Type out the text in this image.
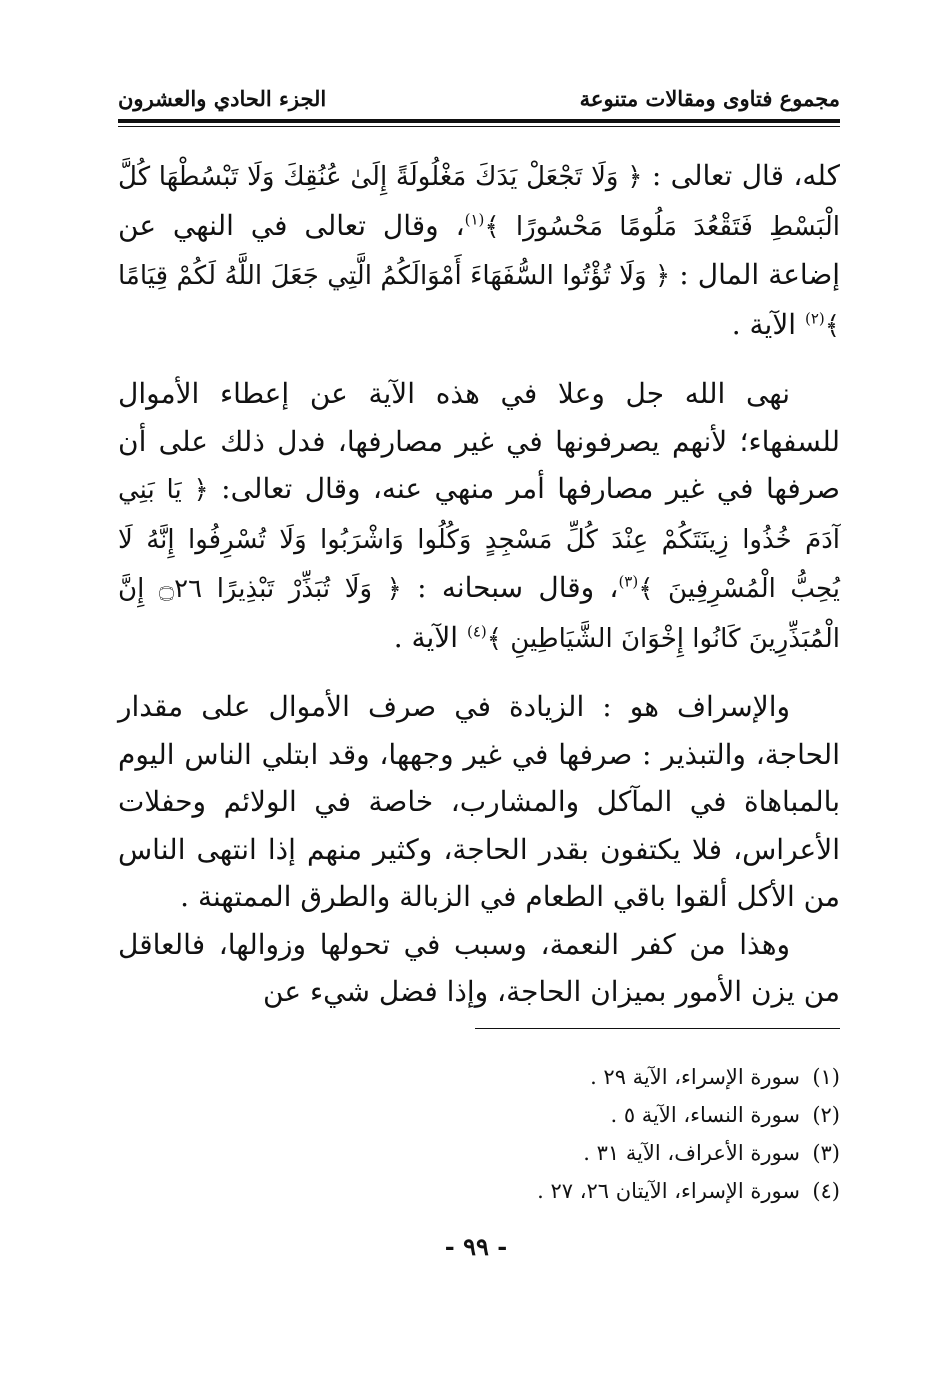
مجموع فتاوى ومقالات متنوعة
الجزء الحادي والعشرون

كله، قال تعالى : ﴿ وَلَا تَجْعَلْ يَدَكَ مَغْلُولَةً إِلَىٰ عُنُقِكَ وَلَا تَبْسُطْهَا كُلَّ الْبَسْطِ فَتَقْعُدَ مَلُومًا مَحْسُورًا ﴾$^{(١)}$، وقال تعالى في النهي عن إضاعة المال : ﴿ وَلَا تُؤْتُوا السُّفَهَاءَ أَمْوَالَكُمُ الَّتِي جَعَلَ اللَّهُ لَكُمْ قِيَامًا ﴾$^{(٢)}$ الآية .

نهى الله جل وعلا في هذه الآية عن إعطاء الأموال للسفهاء؛ لأنهم يصرفونها في غير مصارفها، فدل ذلك على أن صرفها في غير مصارفها أمر منهي عنه، وقال تعالى: ﴿ يَا بَنِي آدَمَ خُذُوا زِينَتَكُمْ عِنْدَ كُلِّ مَسْجِدٍ وَكُلُوا وَاشْرَبُوا وَلَا تُسْرِفُوا إِنَّهُ لَا يُحِبُّ الْمُسْرِفِينَ ﴾$^{(٣)}$، وقال سبحانه : ﴿ وَلَا تُبَذِّرْ تَبْذِيرًا ۝٢٦ إِنَّ الْمُبَذِّرِينَ كَانُوا إِخْوَانَ الشَّيَاطِينِ ﴾$^{(٤)}$ الآية .

والإسراف هو : الزيادة في صرف الأموال على مقدار الحاجة، والتبذير : صرفها في غير وجهها، وقد ابتلي الناس اليوم بالمباهاة في المآكل والمشارب، خاصة في الولائم وحفلات الأعراس، فلا يكتفون بقدر الحاجة، وكثير منهم إذا انتهى الناس من الأكل ألقوا باقي الطعام في الزبالة والطرق الممتهنة .

وهذا من كفر النعمة، وسبب في تحولها وزوالها، فالعاقل من يزن الأمور بميزان الحاجة، وإذا فضل شيء عن

(١)سورة الإسراء، الآية ٢٩ .
(٢)سورة النساء، الآية ٥ .
(٣)سورة الأعراف، الآية ٣١ .
(٤)سورة الإسراء، الآيتان ٢٦، ٢٧ .
- ٩٩ -
